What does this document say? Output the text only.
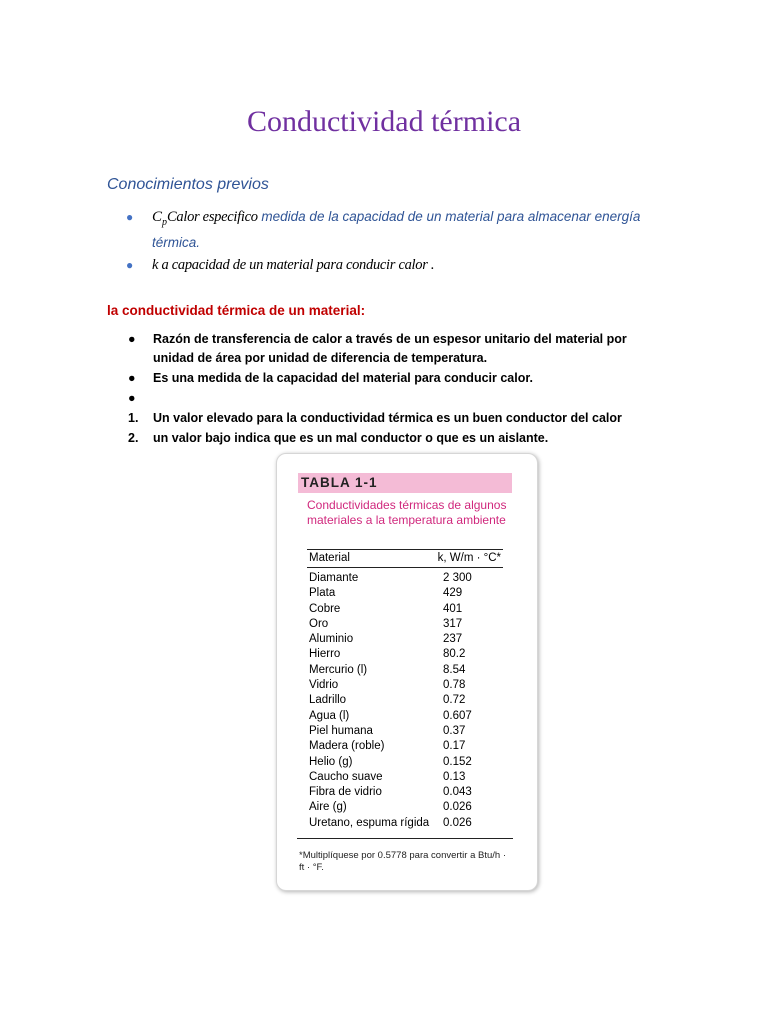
Conductividad térmica
Conocimientos previos
● $C_pCalor$ especifico medida de la capacidad de un material para almacenar energía térmica.
● k a capacidad de un material para conducir calor .
la conductividad térmica de un material:
● Razón de transferencia de calor a través de un espesor unitario del material por unidad de área por unidad de diferencia de temperatura.
● Es una medida de la capacidad del material para conducir calor.
●
1. Un valor elevado para la conductividad térmica es un buen conductor del calor
2. un valor bajo indica que es un mal conductor o que es un aislante.
TABLA 1-1
Conductividades térmicas de algunos materiales a la temperatura ambiente
Material	k, W/m · °C*
Diamante	2 300
Plata	429
Cobre	401
Oro	317
Aluminio	237
Hierro	80.2
Mercurio (l)	8.54
Vidrio	0.78
Ladrillo	0.72
Agua (l)	0.607
Piel humana	0.37
Madera (roble)	0.17
Helio (g)	0.152
Caucho suave	0.13
Fibra de vidrio	0.043
Aire (g)	0.026
Uretano, espuma rígida 0.026
*Multiplíquese por 0.5778 para convertir a Btu/h · ft · °F.
